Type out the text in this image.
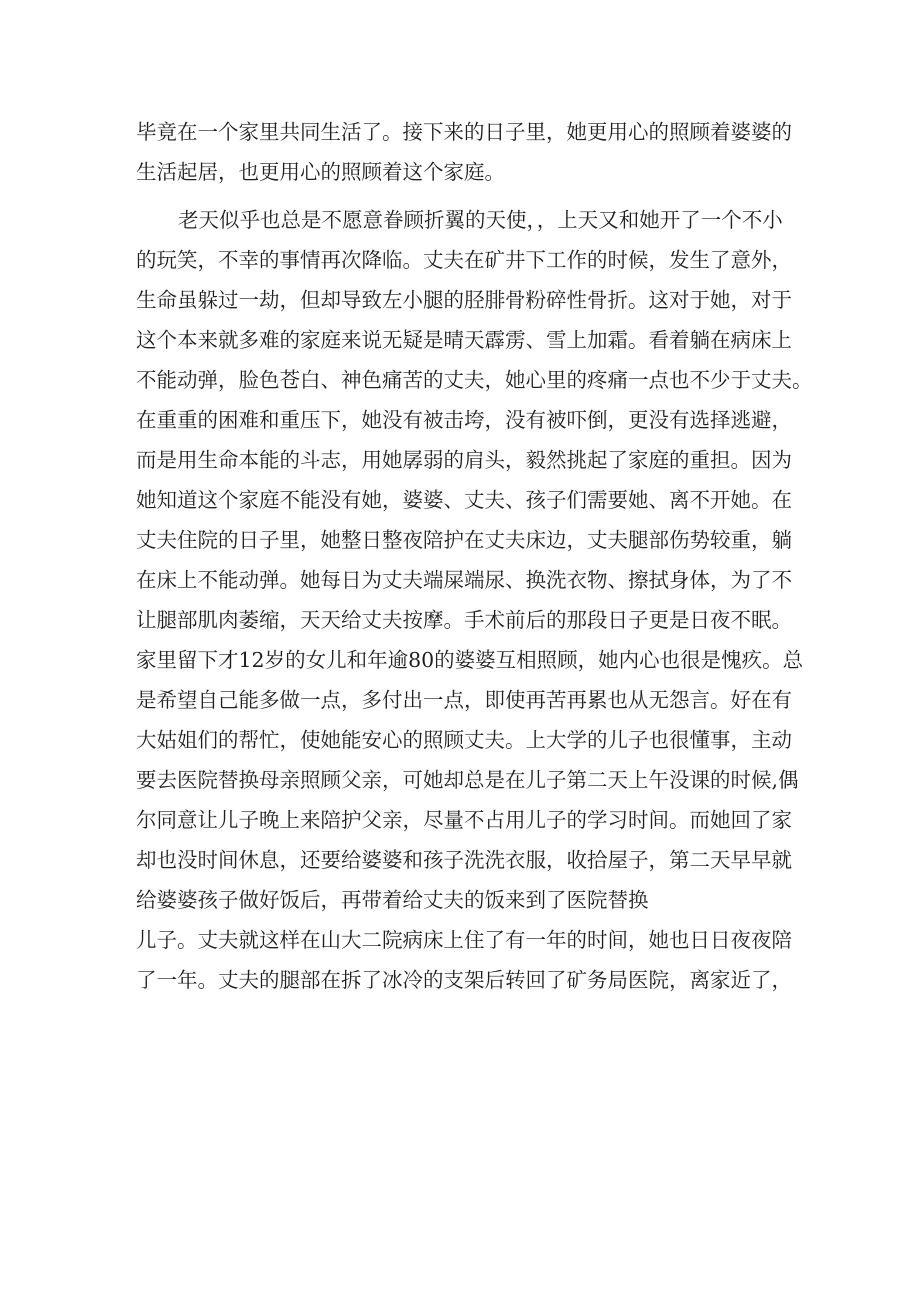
毕竟在一个家里共同生活了。接下来的日子里，她更用心的照顾着婆婆的
生活起居，也更用心的照顾着这个家庭。
老天似乎也总是不愿意眷顾折翼的天使，，上天又和她开了一个不小
的玩笑，不幸的事情再次降临。丈夫在矿井下工作的时候，发生了意外，
生命虽躲过一劫，但却导致左小腿的胫腓骨粉碎性骨折。这对于她，对于
这个本来就多难的家庭来说无疑是晴天霹雳、雪上加霜。看着躺在病床上
不能动弹，脸色苍白、神色痛苦的丈夫，她心里的疼痛一点也不少于丈夫。
在重重的困难和重压下，她没有被击垮，没有被吓倒，更没有选择逃避，
而是用生命本能的斗志，用她孱弱的肩头，毅然挑起了家庭的重担。因为
她知道这个家庭不能没有她，婆婆、丈夫、孩子们需要她、离不开她。在
丈夫住院的日子里，她整日整夜陪护在丈夫床边，丈夫腿部伤势较重，躺
在床上不能动弹。她每日为丈夫端屎端尿、换洗衣物、擦拭身体，为了不
让腿部肌肉萎缩，天天给丈夫按摩。手术前后的那段日子更是日夜不眠。
家里留下才12岁的女儿和年逾80的婆婆互相照顾，她内心也很是愧疚。总
是希望自己能多做一点，多付出一点，即使再苦再累也从无怨言。好在有
大姑姐们的帮忙，使她能安心的照顾丈夫。上大学的儿子也很懂事，主动
要去医院替换母亲照顾父亲，可她却总是在儿子第二天上午没课的时候,偶
尔同意让儿子晚上来陪护父亲，尽量不占用儿子的学习时间。而她回了家
却也没时间休息，还要给婆婆和孩子洗洗衣服，收拾屋子，第二天早早就
给婆婆孩子做好饭后，再带着给丈夫的饭来到了医院替换
儿子。丈夫就这样在山大二院病床上住了有一年的时间，她也日日夜夜陪
了一年。丈夫的腿部在拆了冰冷的支架后转回了矿务局医院，离家近了，
